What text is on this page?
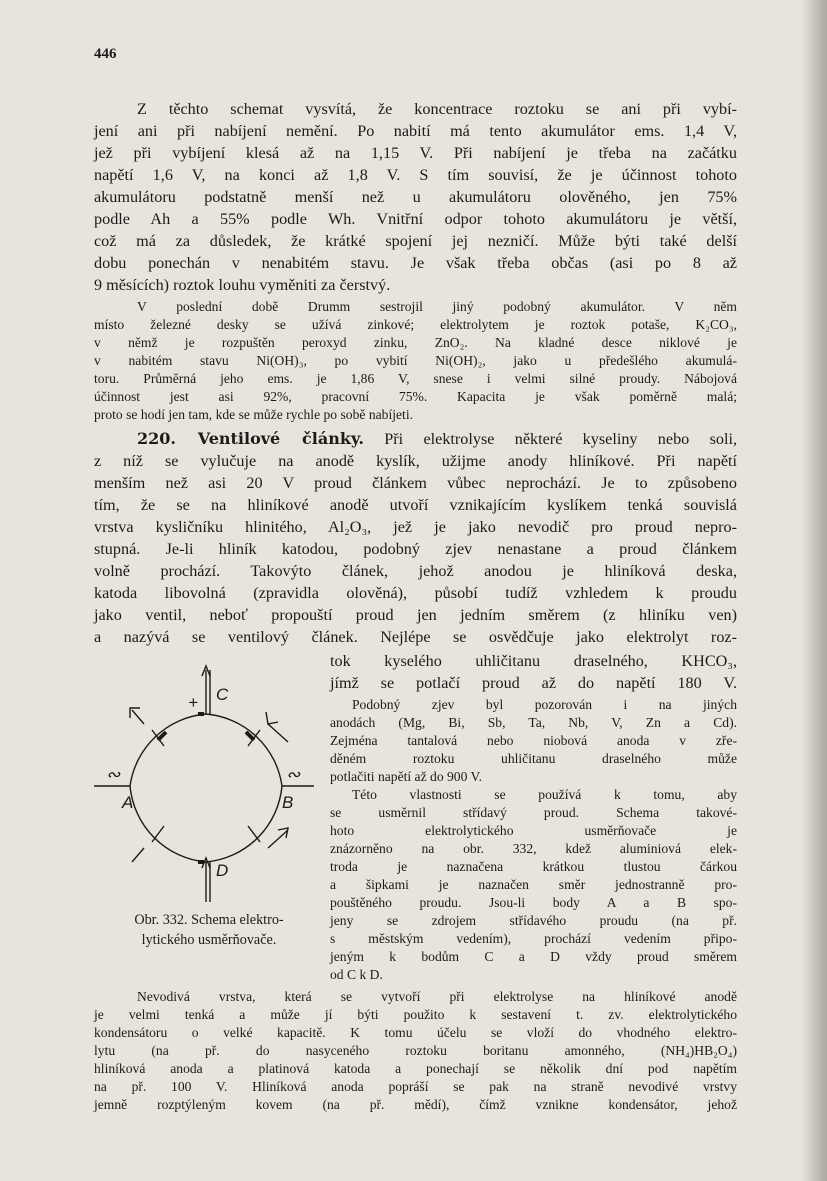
446
Z těchto schemat vysvítá, že koncentrace roztoku se ani při vybí-
jení ani při nabíjení nemění. Po nabití má tento akumulátor ems. 1,4 V,
jež při vybíjení klesá až na 1,15 V. Při nabíjení je třeba na začátku
napětí 1,6 V, na konci až 1,8 V. S tím souvisí, že je účinnost tohoto
akumulátoru podstatně menší než u akumulátoru olověného, jen 75%
podle Ah a 55% podle Wh. Vnitřní odpor tohoto akumulátoru je větší,
což má za důsledek, že krátké spojení jej nezničí. Může býti také delší
dobu ponechán v nenabitém stavu. Je však třeba občas (asi po 8 až
9 měsících) roztok louhu vyměniti za čerstvý.
V poslední době Drumm sestrojil jiný podobný akumulátor. V něm
místo železné desky se užívá zinkové; elektrolytem je roztok potaše, K₂CO₃,
v němž je rozpuštěn peroxyd zinku, ZnO₂. Na kladné desce niklové je
v nabitém stavu Ni(OH)₃, po vybití Ni(OH)₂, jako u předešlého akumulá-
toru. Průměrná jeho ems. je 1,86 V, snese i velmi silné proudy. Nábojová
účinnost jest asi 92%, pracovní 75%. Kapacita je však poměrně malá;
proto se hodí jen tam, kde se může rychle po sobě nabíjeti.
220. Ventilové články. Při elektrolyse některé kyseliny nebo soli,
z níž se vylučuje na anodě kyslík, užijme anody hliníkové. Při napětí
menším než asi 20 V proud článkem vůbec neprochází. Je to způsobeno
tím, že se na hliníkové anodě utvoří vznikajícím kyslíkem tenká souvislá
vrstva kysličníku hlinitého, Al₂O₃, jež je jako nevodič pro proud nepro-
stupná. Je-li hliník katodou, podobný zjev nenastane a proud článkem
volně prochází. Takovýto článek, jehož anodou je hliníková deska,
katoda libovolná (zpravidla olověná), působí tudíž vzhledem k proudu
jako ventil, neboť propouští proud jen jedním směrem (z hliníku ven)
a nazývá se ventilový článek. Nejlépe se osvědčuje jako elektrolyt roz-
tok kyselého uhličitanu draselného, KHCO₃,
jímž se potlačí proud až do napětí 180 V.
Podobný zjev byl pozorován i na jiných
anodách (Mg, Bi, Sb, Ta, Nb, V, Zn a Cd).
Zejména tantalová nebo niobová anoda v zře-
děném roztoku uhličitanu draselného může
potlačiti napětí až do 900 V.
Této vlastnosti se používá k tomu, aby
se usměrnil střídavý proud. Schema takové-
hoto elektrolytického usměrňovače je
znázorněno na obr. 332, kdež aluminiová elek-
troda je naznačena krátkou tlustou čárkou
a šipkami je naznačen směr jednostranně pro-
pouštěného proudu. Jsou-li body A a B spo-
jeny se zdrojem střídavého proudu (na př.
s městským vedením), prochází vedením připo-
jeným k bodům C a D vždy proud směrem
od C k D.
Nevodivá vrstva, která se vytvoří při elektrolyse na hliníkové anodě
je velmi tenká a může jí býti použito k sestavení t. zv. elektrolytického
kondensátoru o velké kapacitě. K tomu účelu se vloží do vhodného elektro-
lytu (na př. do nasyceného roztoku boritanu amonného, (NH₄)HB₂O₄)
hliníková anoda a platinová katoda a ponechají se několik dní pod napětím
na př. 100 V. Hliníková anoda popráší se pak na straně nevodivé vrstvy
jemně rozptýleným kovem (na př. mědí), čímž vznikne kondensátor, jehož
+ C
D
A	B
∾	∾
Obr. 332. Schema elektro-
lytického usměrňovače.
